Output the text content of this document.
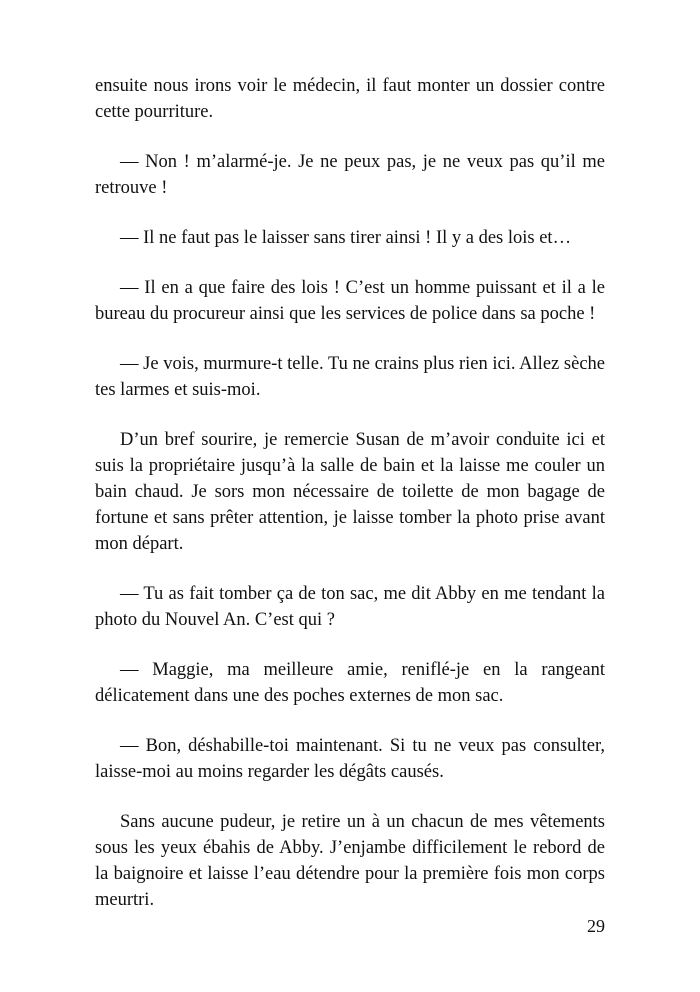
ensuite nous irons voir le médecin, il faut monter un dossier contre cette pourriture.

— Non ! m’alarmé-je. Je ne peux pas, je ne veux pas qu’il me retrouve !

— Il ne faut pas le laisser sans tirer ainsi ! Il y a des lois et…

— Il en a que faire des lois ! C’est un homme puissant et il a le bureau du procureur ainsi que les services de police dans sa poche !

— Je vois, murmure-t telle. Tu ne crains plus rien ici. Allez sèche tes larmes et suis-moi.

D’un bref sourire, je remercie Susan de m’avoir conduite ici et suis la propriétaire jusqu’à la salle de bain et la laisse me couler un bain chaud. Je sors mon nécessaire de toilette de mon bagage de fortune et sans prêter attention, je laisse tomber la photo prise avant mon départ.

— Tu as fait tomber ça de ton sac, me dit Abby en me tendant la photo du Nouvel An. C’est qui ?

— Maggie, ma meilleure amie, reniflé-je en la rangeant délicatement dans une des poches externes de mon sac.

— Bon, déshabille-toi maintenant. Si tu ne veux pas consulter, laisse-moi au moins regarder les dégâts causés.

Sans aucune pudeur, je retire un à un chacun de mes vêtements sous les yeux ébahis de Abby. J’enjambe difficilement le rebord de la baignoire et laisse l’eau détendre pour la première fois mon corps meurtri.

29
